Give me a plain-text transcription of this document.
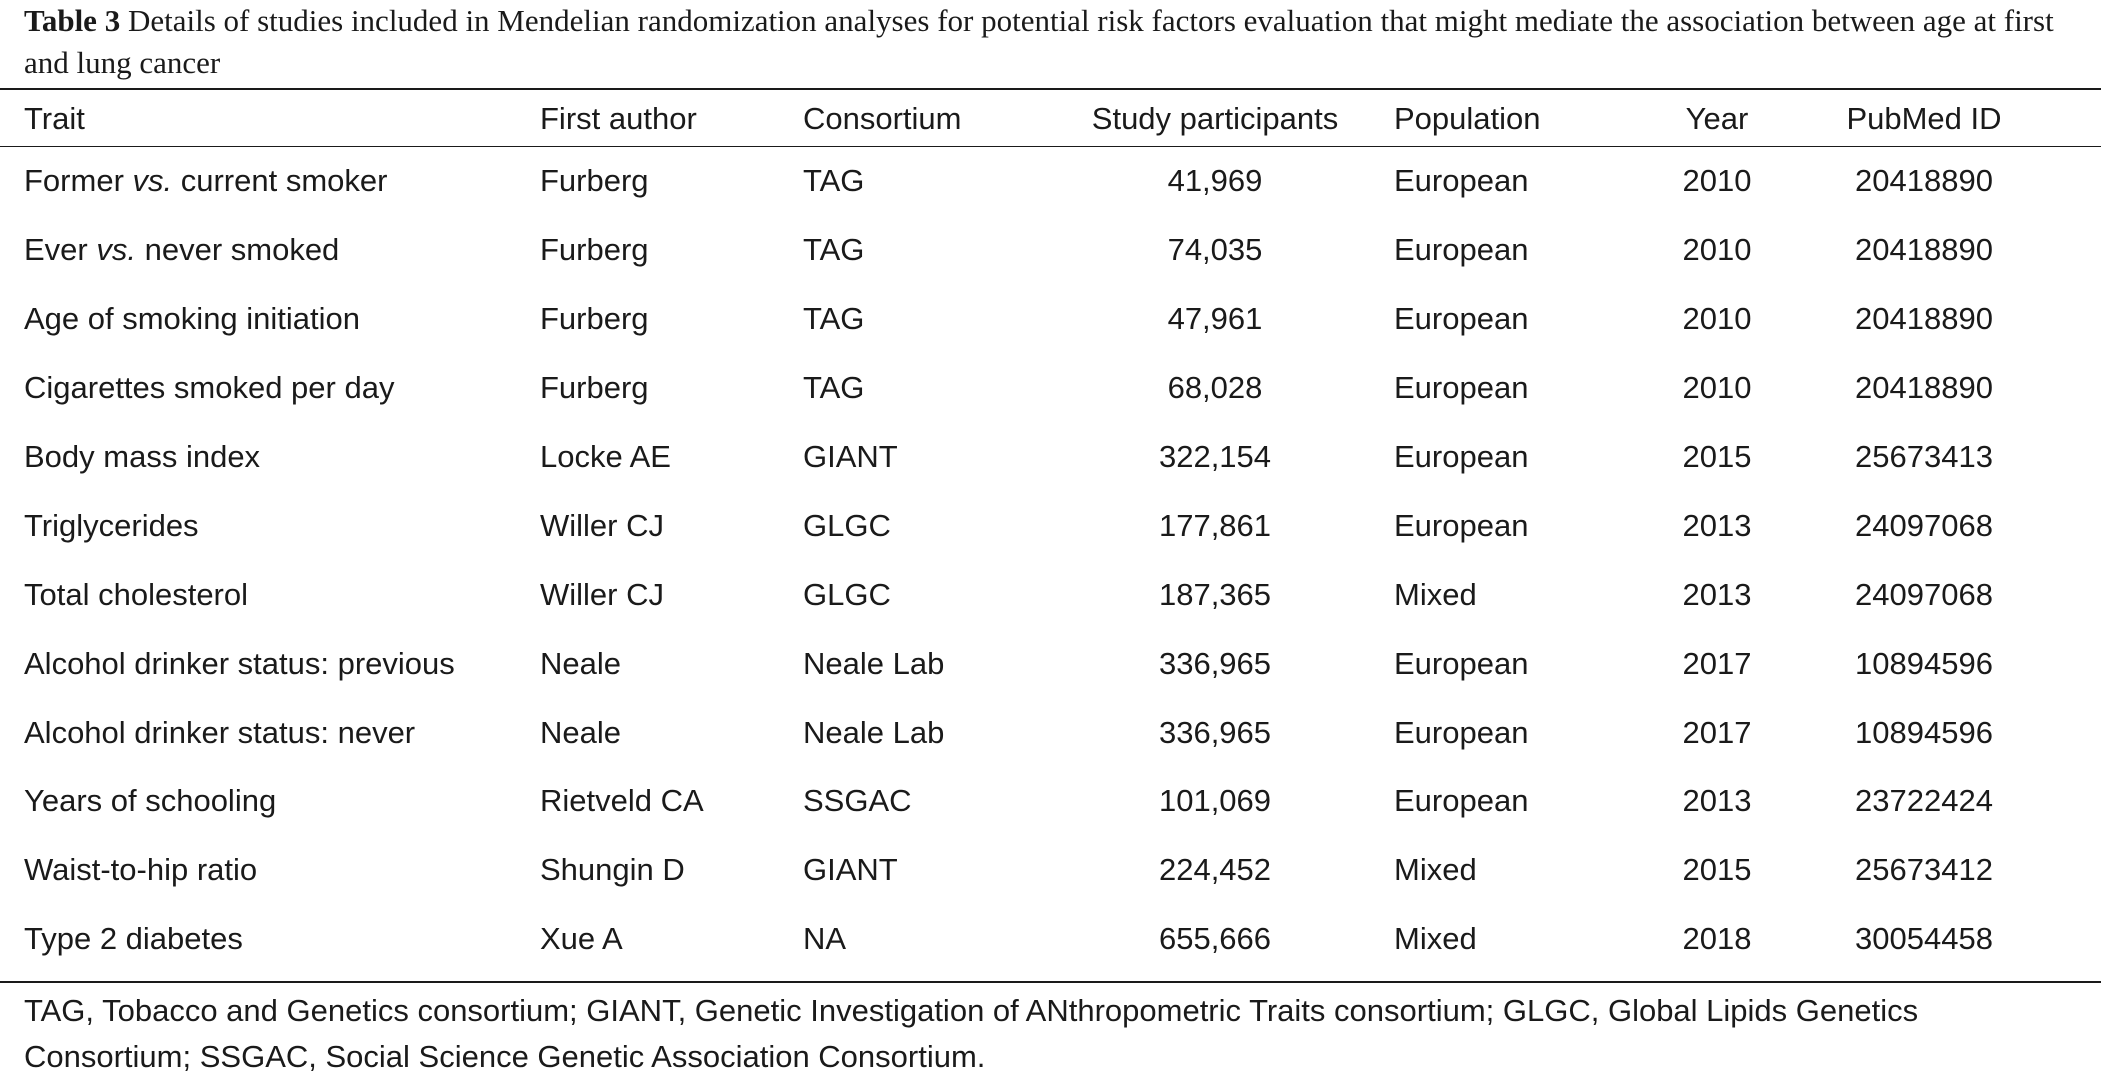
Table 3 Details of studies included in Mendelian randomization analyses for potential risk factors evaluation that might mediate the association between age at first and lung cancer
Trait	First author	Consortium	Study participants	Population	Year	PubMed ID
Former vs. current smoker	Furberg	TAG	41,969	European	2010	20418890
Ever vs. never smoked	Furberg	TAG	74,035	European	2010	20418890
Age of smoking initiation	Furberg	TAG	47,961	European	2010	20418890
Cigarettes smoked per day	Furberg	TAG	68,028	European	2010	20418890
Body mass index	Locke AE	GIANT	322,154	European	2015	25673413
Triglycerides	Willer CJ	GLGC	177,861	European	2013	24097068
Total cholesterol	Willer CJ	GLGC	187,365	Mixed	2013	24097068
Alcohol drinker status: previous	Neale	Neale Lab	336,965	European	2017	10894596
Alcohol drinker status: never	Neale	Neale Lab	336,965	European	2017	10894596
Years of schooling	Rietveld CA	SSGAC	101,069	European	2013	23722424
Waist-to-hip ratio	Shungin D	GIANT	224,452	Mixed	2015	25673412
Type 2 diabetes	Xue A	NA	655,666	Mixed	2018	30054458
TAG, Tobacco and Genetics consortium; GIANT, Genetic Investigation of ANthropometric Traits consortium; GLGC, Global Lipids Genetics Consortium; SSGAC, Social Science Genetic Association Consortium.
